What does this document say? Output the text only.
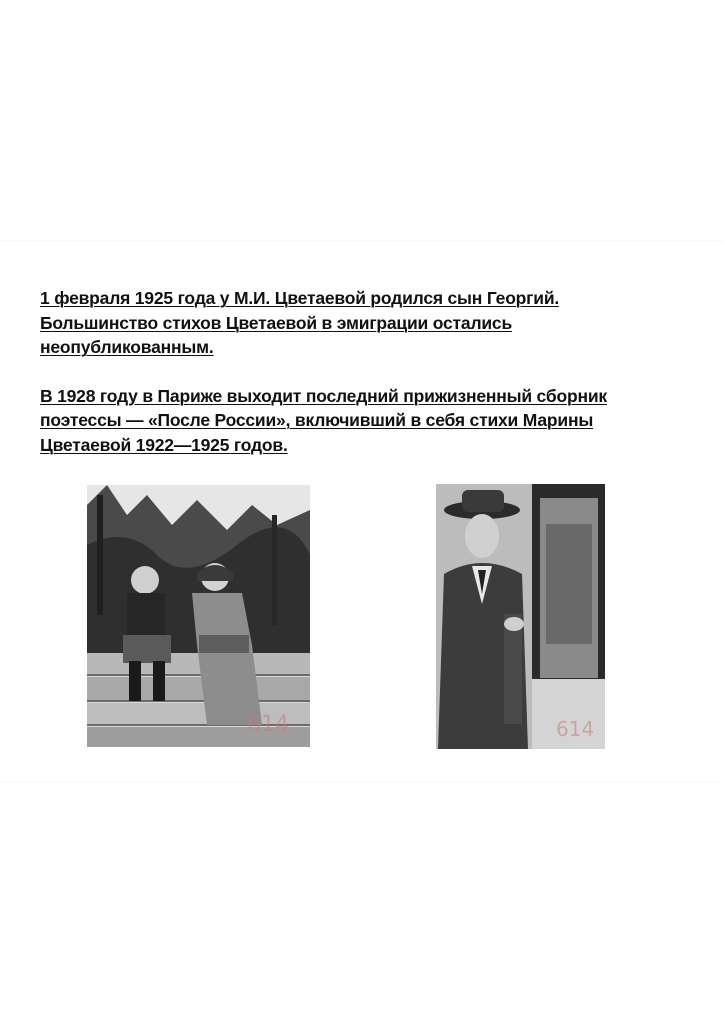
1 февраля 1925 года у М.И. Цветаевой родился сын Георгий. Большинство стихов Цветаевой в эмиграции остались неопубликованным.

В 1928 году в Париже выходит последний прижизненный сборник поэтессы — «После России», включивший в себя стихи Марины Цветаевой 1922—1925 годов.

614	614
